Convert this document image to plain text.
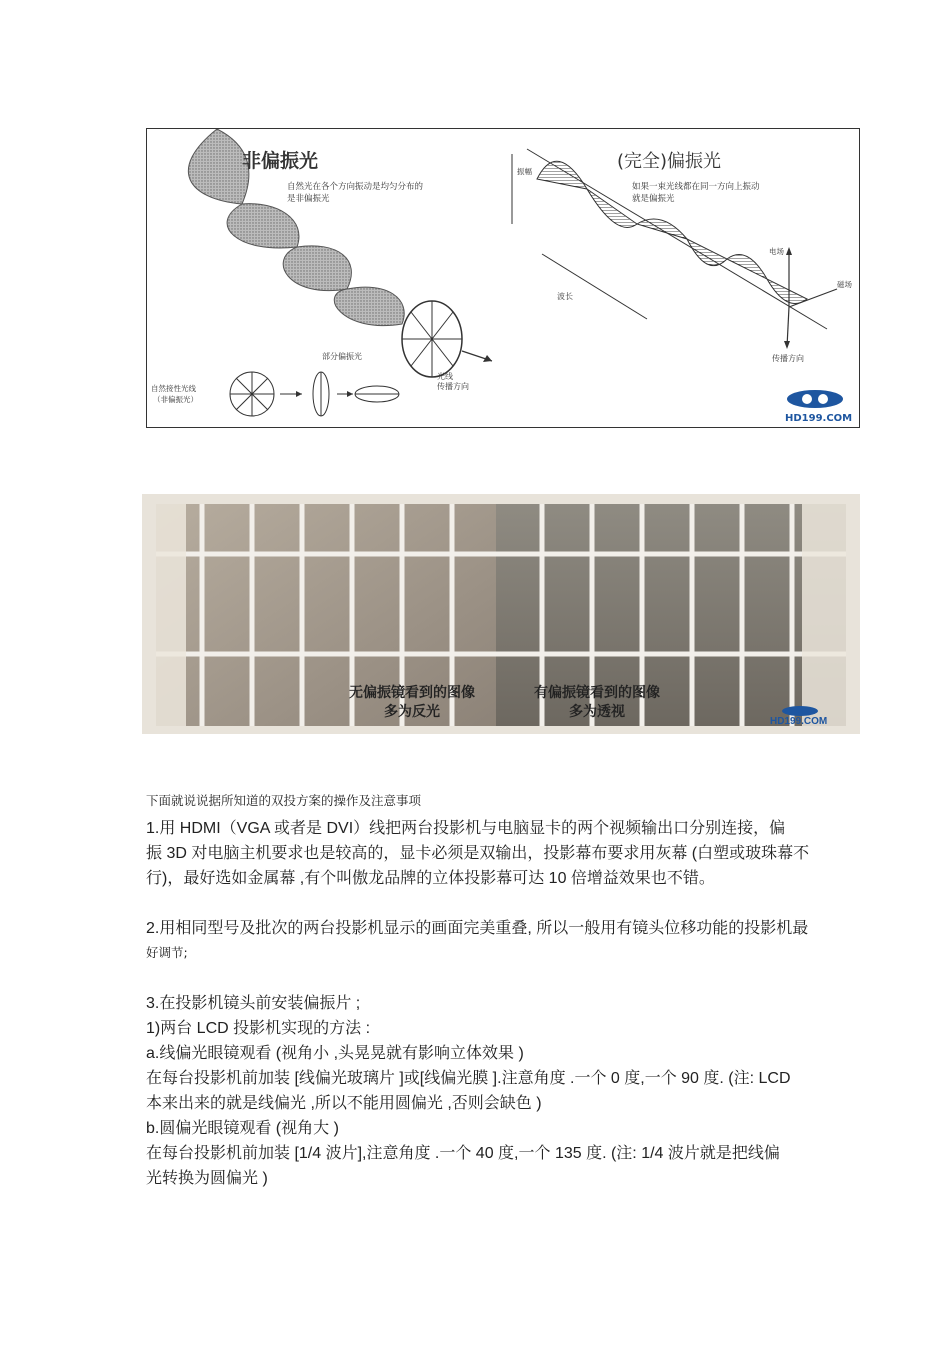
非偏振光
自然光在各个方向振动是均匀分布的
是非偏振光
部分偏振光
光线
传播方向
自然接性光线
（非偏振光）
(完全)偏振光
如果一束光线都在同一方向上振动
就是偏振光
振幅
波长
电场
磁场
传播方向
HD199.COM
无偏振镜看到的图像
多为反光
有偏振镜看到的图像
多为透视
HD199.COM
下面就说说据所知道的双投方案的操作及注意事项
1.用 HDMI（VGA 或者是 DVI）线把两台投影机与电脑显卡的两个视频输出口分别连接，偏
振 3D 对电脑主机要求也是较高的，显卡必须是双输出，投影幕布要求用灰幕 (白塑或玻珠幕不
行)，最好选如金属幕 ,有个叫傲龙品牌的立体投影幕可达 10 倍增益效果也不错。
2.用相同型号及批次的两台投影机显示的画面完美重叠, 所以一般用有镜头位移功能的投影机最
好调节;
3.在投影机镜头前安装偏振片 ;
1)两台 LCD 投影机实现的方法 :
a.线偏光眼镜观看 (视角小 ,头晃晃就有影响立体效果 )
在每台投影机前加装 [线偏光玻璃片 ]或[线偏光膜 ].注意角度 .一个 0 度,一个 90 度. (注: LCD
本来出来的就是线偏光 ,所以不能用圆偏光 ,否则会缺色 )
b.圆偏光眼镜观看 (视角大 )
在每台投影机前加装 [1/4 波片],注意角度 .一个 40 度,一个 135 度. (注: 1/4 波片就是把线偏
光转换为圆偏光 )
